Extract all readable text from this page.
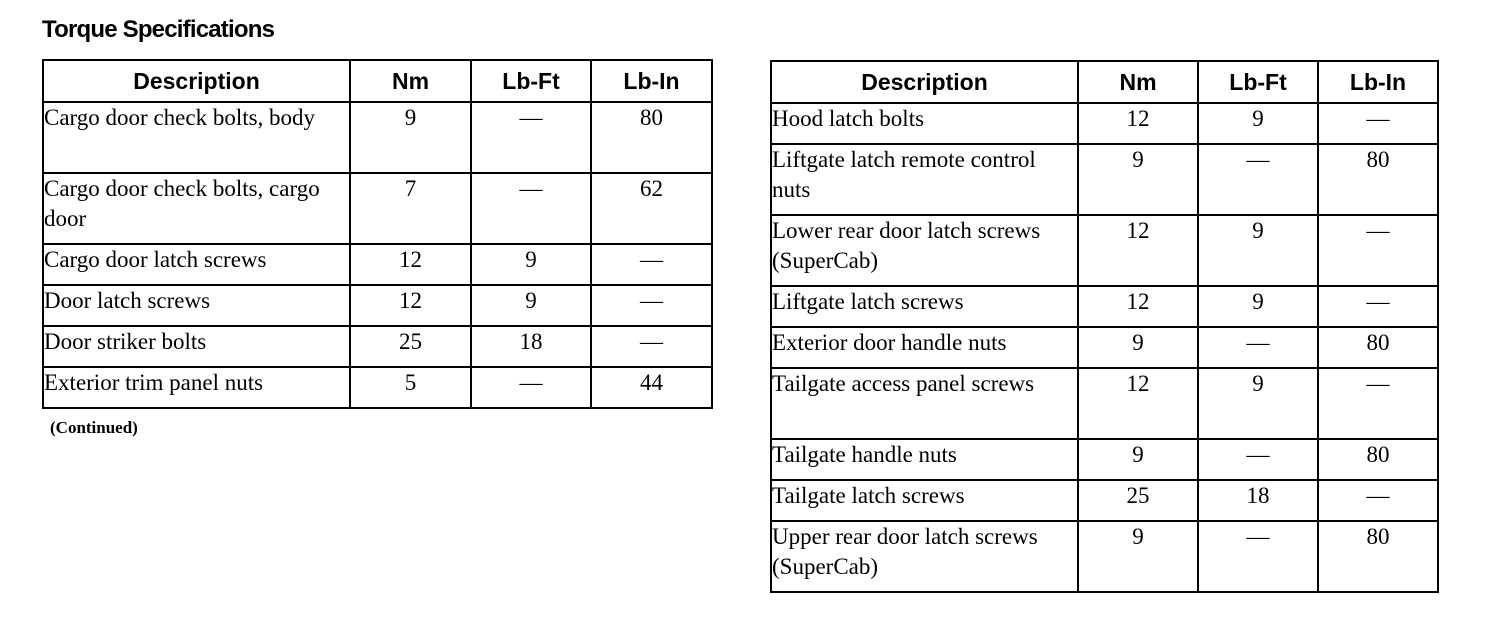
Torque Specifications
Description	Nm	Lb-Ft	Lb-In
Cargo door check bolts, body	9	—	80
Cargo door check bolts, cargo door	7	—	62
Cargo door latch screws	12	9	—
Door latch screws	12	9	—
Door striker bolts	25	18	—
Exterior trim panel nuts	5	—	44
(Continued)
Description	Nm	Lb-Ft	Lb-In
Hood latch bolts	12	9	—
Liftgate latch remote control nuts	9	—	80
Lower rear door latch screws (SuperCab)	12	9	—
Liftgate latch screws	12	9	—
Exterior door handle nuts	9	—	80
Tailgate access panel screws	12	9	—
Tailgate handle nuts	9	—	80
Tailgate latch screws	25	18	—
Upper rear door latch screws (SuperCab)	9	—	80
